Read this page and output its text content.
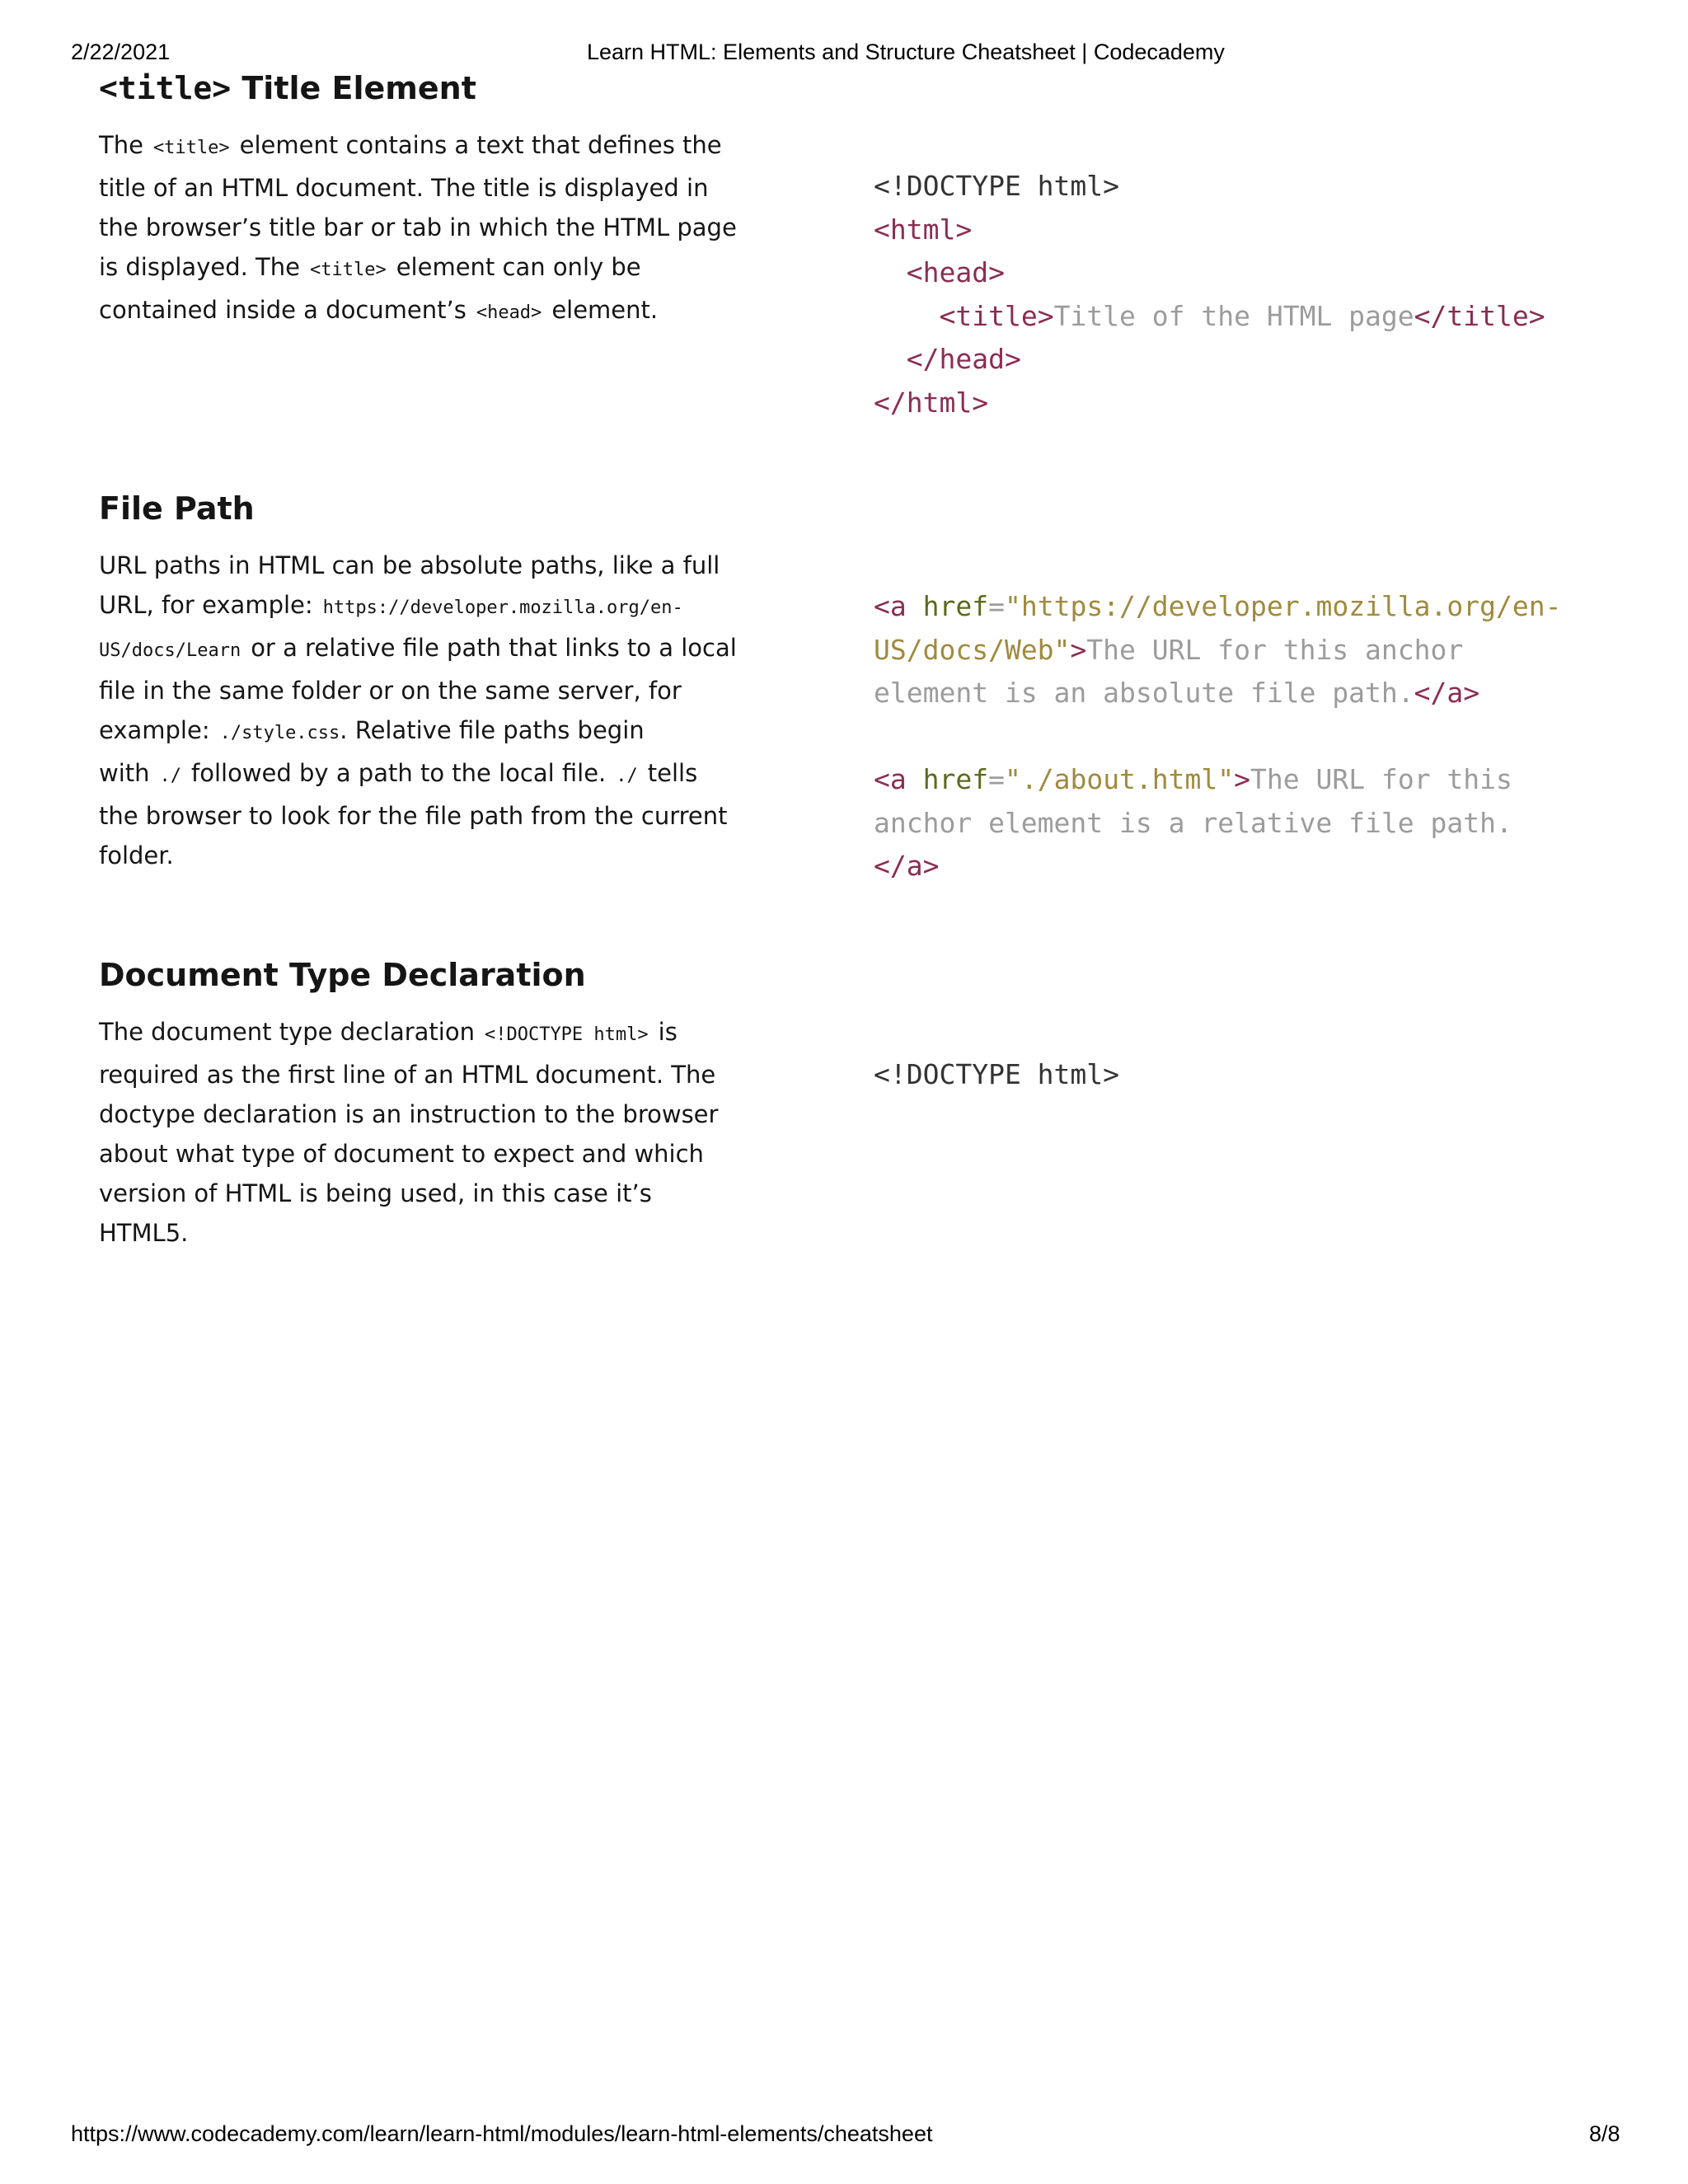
2/22/2021	Learn HTML: Elements and Structure Cheatsheet | Codecademy
<title> Title Element
The <title> element contains a text that defines the title of an HTML document. The title is displayed in the browser’s title bar or tab in which the HTML page is displayed. The <title> element can only be contained inside a document’s <head> element.
<!DOCTYPE html>
<html>
<head>
<title>Title of the HTML page</title>
</head>
</html>
File Path
URL paths in HTML can be absolute paths, like a full URL, for example: https://developer.mozilla.org/en-US/docs/Learn or a relative file path that links to a local file in the same folder or on the same server, for example: ./style.css. Relative file paths begin with ./ followed by a path to the local file. ./ tells the browser to look for the file path from the current folder.
<a href="https://developer.mozilla.org/en-
US/docs/Web">The URL for this anchor
element is an absolute file path.</a>

<a href="./about.html">The URL for this
anchor element is a relative file path.
</a>
Document Type Declaration
The document type declaration <!DOCTYPE html> is required as the first line of an HTML document. The doctype declaration is an instruction to the browser about what type of document to expect and which version of HTML is being used, in this case it’s HTML5.
<!DOCTYPE html>
https://www.codecademy.com/learn/learn-html/modules/learn-html-elements/cheatsheet	8/8
